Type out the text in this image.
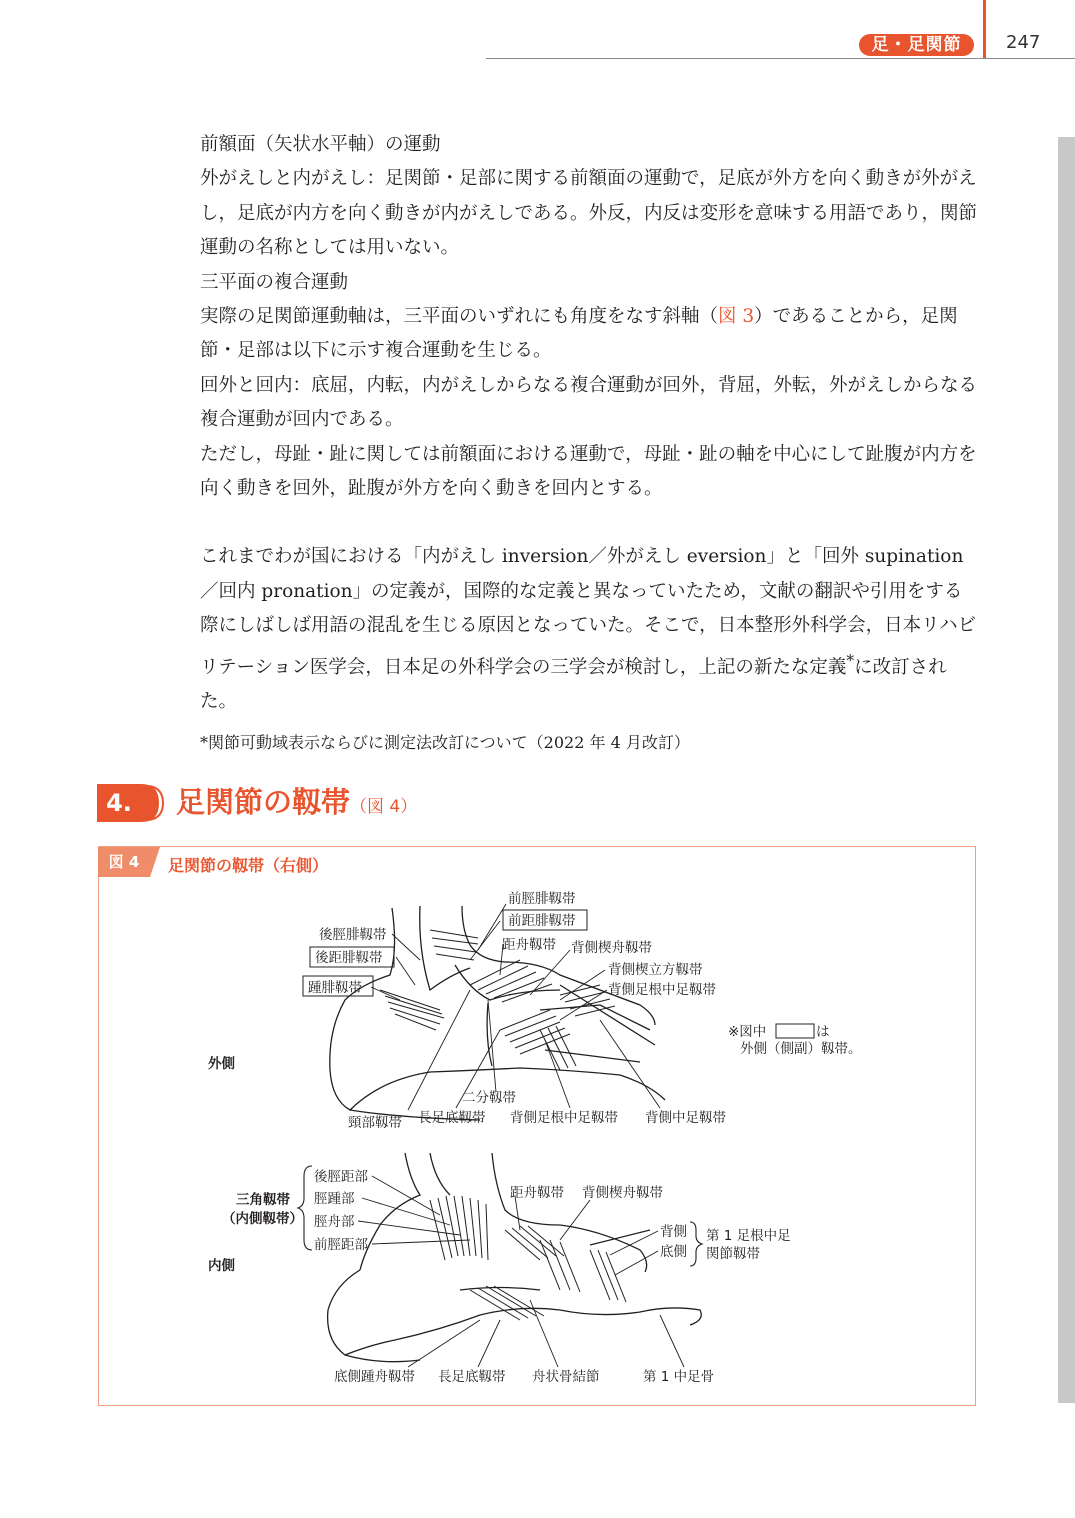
足・足関節	247

前額面（矢状水平軸）の運動

外がえしと内がえし：足関節・足部に関する前額面の運動で，足底が外方を向く動きが外がえし，足底が内方を向く動きが内がえしである。外反，内反は変形を意味する用語であり，関節運動の名称としては用いない。

三平面の複合運動

実際の足関節運動軸は，三平面のいずれにも角度をなす斜軸（図 3）であることから，足関節・足部は以下に示す複合運動を生じる。

回外と回内：底屈，内転，内がえしからなる複合運動が回外，背屈，外転，外がえしからなる複合運動が回内である。

ただし，母趾・趾に関しては前額面における運動で，母趾・趾の軸を中心にして趾腹が内方を向く動きを回外，趾腹が外方を向く動きを回内とする。

これまでわが国における「内がえし inversion／外がえし eversion」と「回外 supination／回内 pronation」の定義が，国際的な定義と異なっていたため，文献の翻訳や引用をする際にしばしば用語の混乱を生じる原因となっていた。そこで，日本整形外科学会，日本リハビリテーション医学会，日本足の外科学会の三学会が検討し，上記の新たな定義*に改訂された。

*関節可動域表示ならびに測定法改訂について（2022 年 4 月改訂）

4.	足関節の靱帯（図 4）
図 4	足関節の靱帯（右側）
前脛腓靱帯
前距腓靱帯
後脛腓靱帯
距舟靱帯 背側楔舟靱帯
後距腓靱帯
背側楔立方靱帯
踵腓靱帯	背側足根中足靱帯
二分靱帯
頸部靱帯 長足底靱帯 背側足根中足靱帯 背側中足靱帯
外側
※図中	は
外側（側副）靱帯。
三角靱帯
（内側靱帯）
後脛距部
脛踵部
脛舟部
前脛距部
距舟靱帯 背側楔舟靱帯
背側
底側
第 1 足根中足
関節靱帯
内側
底側踵舟靱帯 長足底靱帯 舟状骨結節	第 1 中足骨
